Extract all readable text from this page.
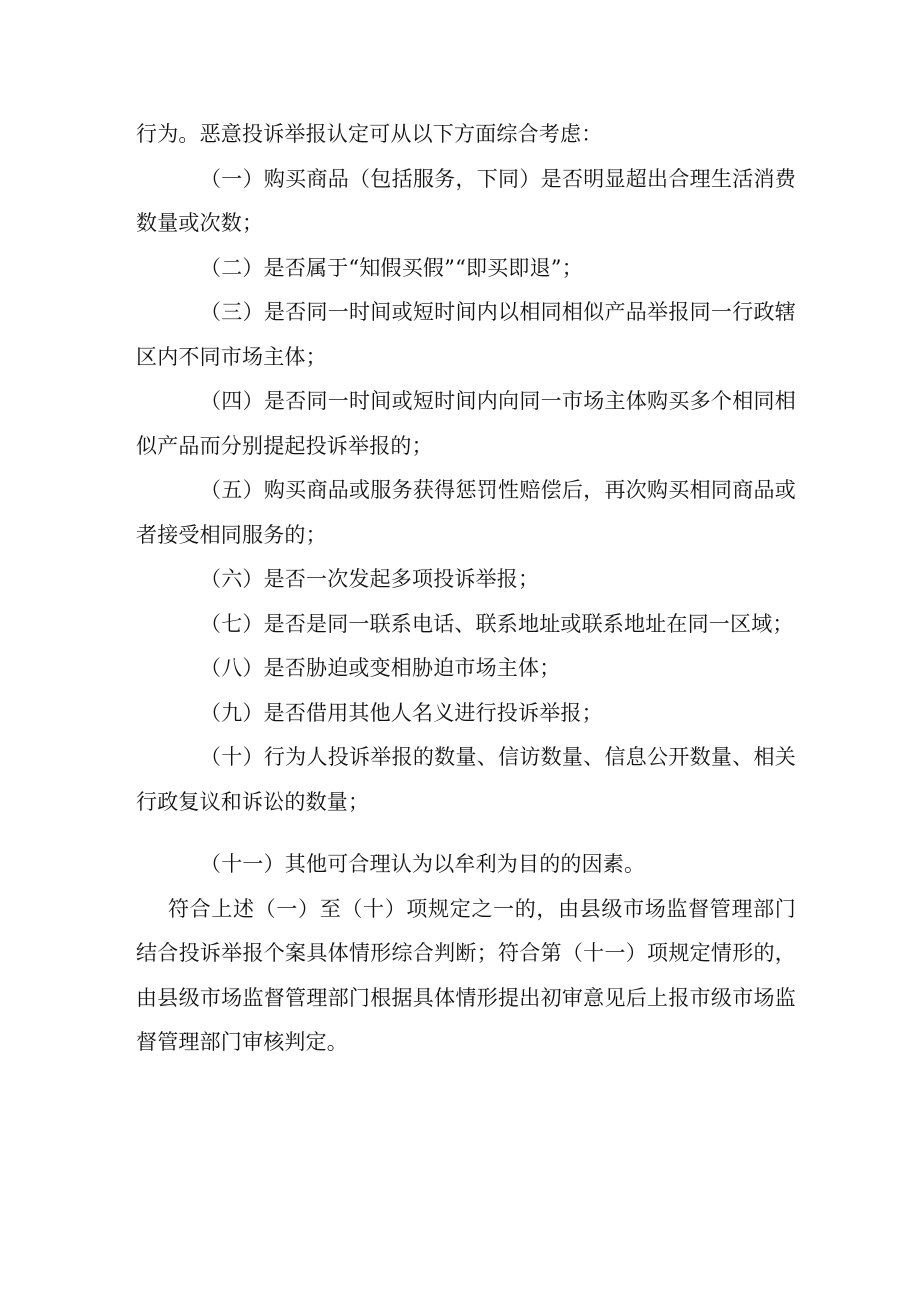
行为。恶意投诉举报认定可从以下方面综合考虑：

（一）购买商品（包括服务，下同）是否明显超出合理生活消费数量或次数；

（二）是否属于“知假买假”“即买即退”；

（三）是否同一时间或短时间内以相同相似产品举报同一行政辖区内不同市场主体；

（四）是否同一时间或短时间内向同一市场主体购买多个相同相似产品而分别提起投诉举报的；

（五）购买商品或服务获得惩罚性赔偿后，再次购买相同商品或者接受相同服务的；

（六）是否一次发起多项投诉举报；

（七）是否是同一联系电话、联系地址或联系地址在同一区域；

（八）是否胁迫或变相胁迫市场主体；

（九）是否借用其他人名义进行投诉举报；

（十）行为人投诉举报的数量、信访数量、信息公开数量、相关行政复议和诉讼的数量；

（十一）其他可合理认为以牟利为目的的因素。

符合上述（一）至（十）项规定之一的，由县级市场监督管理部门结合投诉举报个案具体情形综合判断；符合第（十一）项规定情形的，由县级市场监督管理部门根据具体情形提出初审意见后上报市级市场监督管理部门审核判定。
